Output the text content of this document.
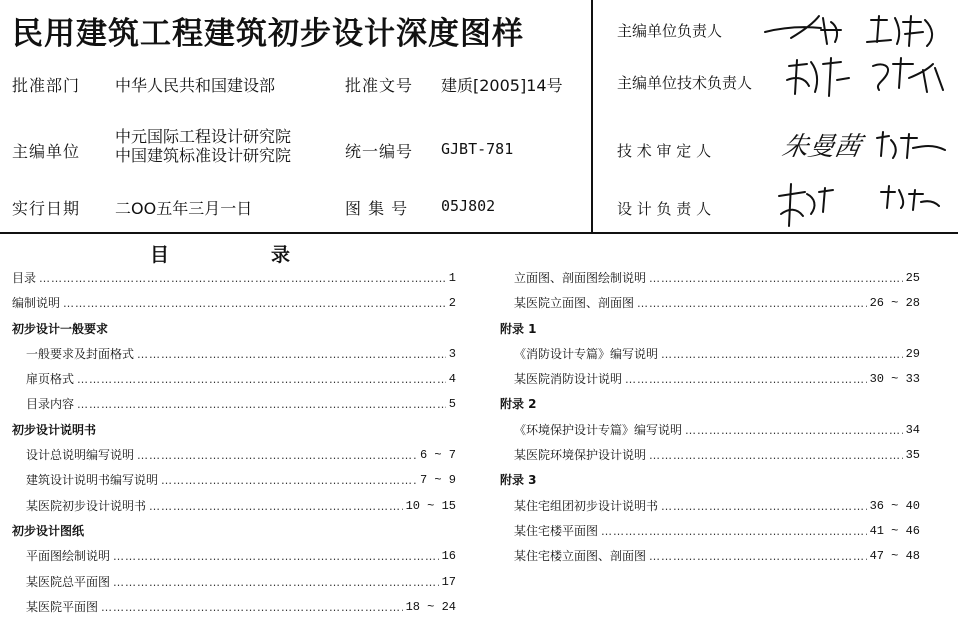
民用建筑工程建筑初步设计深度图样
批准部门 中华人民共和国建设部	批准文号 建质[2005]14号
主编单位
中元国际工程设计研究院
中国建筑标准设计研究院	统一编号 GJBT-781
实行日期 二OO五年三月一日	图 集 号 05J802
主编单位负责人
主编单位技术负责人
技 术 审 定 人	朱曼茜
设 计 负 责 人
目	录
目录 ………………………………………………………………………………………………………………………………………………………………………………………………………………………………………	1
编制说明 ………………………………………………………………………………………………………………………………………………………………………………………………………………………………………	2
初步设计一般要求
一般要求及封面格式 ………………………………………………………………………………………………………………………………………………………………………………………………………………………………………	3
扉页格式 ………………………………………………………………………………………………………………………………………………………………………………………………………………………………………	4
目录内容 ………………………………………………………………………………………………………………………………………………………………………………………………………………………………………	5
初步设计说明书
设计总说明编写说明 ………………………………………………………………………………………………………………………………………………………………………………………………………………………………………	6 ~ 7
建筑设计说明书编写说明 ………………………………………………………………………………………………………………………………………………………………………………………………………………………………………	7 ~ 9
某医院初步设计说明书 ………………………………………………………………………………………………………………………………………………………………………………………………………………………………………	10 ~ 15
初步设计图纸
平面图绘制说明 ………………………………………………………………………………………………………………………………………………………………………………………………………………………………………	16
某医院总平面图 ………………………………………………………………………………………………………………………………………………………………………………………………………………………………………	17
某医院平面图 ………………………………………………………………………………………………………………………………………………………………………………………………………………………………………	18 ~ 24
立面图、剖面图绘制说明 ………………………………………………………………………………………………………………………………………………………………………………………………………………………………………	25
某医院立面图、剖面图 ………………………………………………………………………………………………………………………………………………………………………………………………………………………………………	26 ~ 28
附录 1
《消防设计专篇》编写说明 ………………………………………………………………………………………………………………………………………………………………………………………………………………………………………	29
某医院消防设计说明 ………………………………………………………………………………………………………………………………………………………………………………………………………………………………………	30 ~ 33
附录 2
《环境保护设计专篇》编写说明 ………………………………………………………………………………………………………………………………………………………………………………………………………………………………………	34
某医院环境保护设计说明 ………………………………………………………………………………………………………………………………………………………………………………………………………………………………………	35
附录 3
某住宅组团初步设计说明书 ………………………………………………………………………………………………………………………………………………………………………………………………………………………………………	36 ~ 40
某住宅楼平面图 ………………………………………………………………………………………………………………………………………………………………………………………………………………………………………	41 ~ 46
某住宅楼立面图、剖面图 ………………………………………………………………………………………………………………………………………………………………………………………………………………………………………	47 ~ 48
